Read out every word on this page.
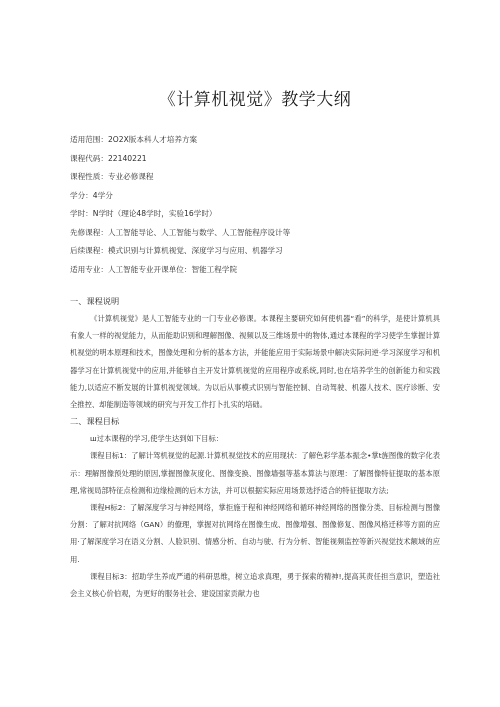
《计算机视觉》教学大纲
适用范围：2O2X版本科人才培养方案
课程代码：22140221
课程性质：专业必修课程
学分：4学分
学时：N学时（理论48学时，实验16学时）
先修课程：人工智能导论、人工智能与数学、人工智能程序设计等
后续课程：模式识别与计算机视觉、深度学习与应用、机器学习
适用专业：人工智能专业开课单位：智能工程学院
一、课程说明

《计算机视觉》是人工智能专业的一门专业必修课。本课程主要研究如何使机器“看”的科学，是使计算机具有象人一样的视觉能力，从而能助识别和理解图像、视频以及三维场景中的物体,通过本课程的学习使学生掌握计算机视觉的明本原理和技术，图像处理和分析的基本方法，并能能应用于实际场景中解决实际问逆·学习深度学习和机器学习在计算机视觉中的应用,并能够自主开发计算机视觉的应用程序或系统,同时,也在培养学生的创新能力和实践能力,以适应不断发展的计算机视觉领域。为以后从事模式识别与智能控制、自动驾驶、机器人技术、医疗诊断、安全推控、却能制造等领域的研究与开发工作打卜扎实的培础。

二、课程目标

ш过本课程的学习,使学生达到如下目标：

课程目标1：了解计驾机视觉的起源.计算机视觉技术的应用现状：了解色彩学基本振念•掌t旌图像的数字化表示：理解图像预处理的原因,掌握图像灰度化、图像变换、图像墙强等基本算法与原理：了解图像特征提取的基本原理,常视局部特征点检测和边缘检测的后木方法，并可以根据实际应用场景选抒适合的特征提取方法;

课程H标2：了解深度学习与神经网络，掌拒施于程和神经网络和循环神经网络的图像分类、目标检测与图像分割：了解对抗网络（GAN）的僚理，掌握对抗网络在图像生成、图像增强、图像修复、图像风格迁移等方面的应用·了解深度学习在语义分割、人脸识别、情感分析、自动与驶、行为分析、智能视频监控等新兴视觉技术额域的应用.

课程目标3：招助学生养成严通的科研思维，树立追求真理，勇于探索的精神!,提高其责任担当意识，塑造社会主义核心价伯观，为更好的服务社会、建设国家贡献力也
